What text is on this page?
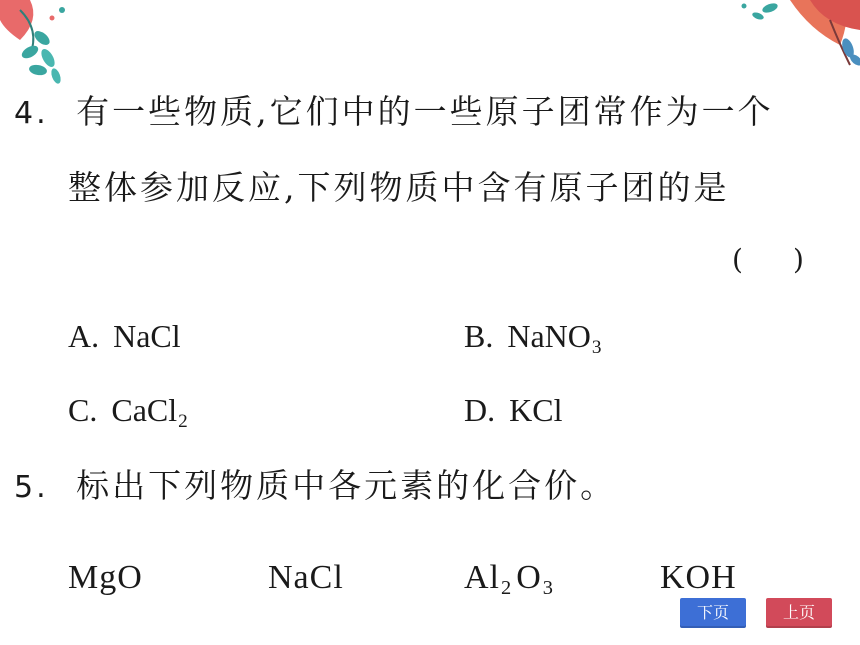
4. 有一些物质,它们中的一些原子团常作为一个
整体参加反应,下列物质中含有原子团的是
( )
A. NaCl	B. NaNO$_3$
C. CaCl$_2$	D. KCl
5. 标出下列物质中各元素的化合价。
MgO	NaCl	$Al_2$ $O_3$	KOH
下页	上页
